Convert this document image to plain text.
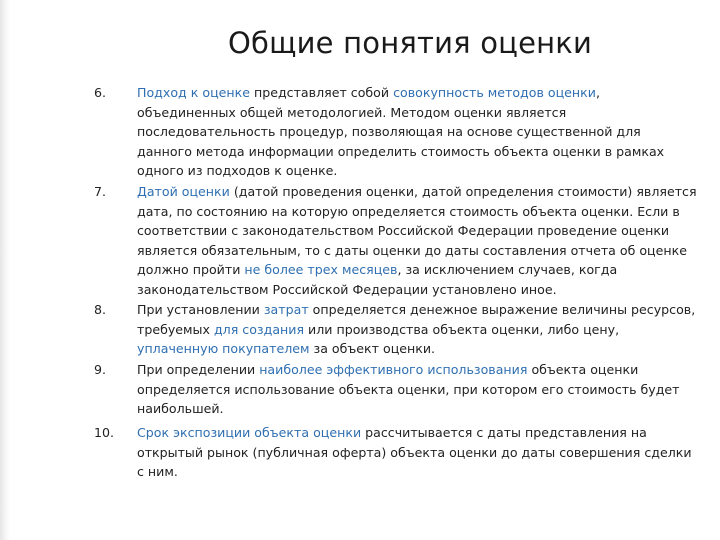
Общие понятия оценки
6.	Подход к оценке представляет собой совокупность методов оценки,
объединенных общей методологией. Методом оценки является
последовательность процедур, позволяющая на основе существенной для
данного метода информации определить стоимость объекта оценки в рамках
одного из подходов к оценке.
7.	Датой оценки (датой проведения оценки, датой определения стоимости) является
дата, по состоянию на которую определяется стоимость объекта оценки. Если в
соответствии с законодательством Российской Федерации проведение оценки
является обязательным, то с даты оценки до даты составления отчета об оценке
должно пройти не более трех месяцев, за исключением случаев, когда
законодательством Российской Федерации установлено иное.
8.	При установлении затрат определяется денежное выражение величины ресурсов,
требуемых для создания или производства объекта оценки, либо цену,
уплаченную покупателем за объект оценки.
9.	При определении наиболее эффективного использования объекта оценки
определяется использование объекта оценки, при котором его стоимость будет
наибольшей.
10.	Срок экспозиции объекта оценки рассчитывается с даты представления на
открытый рынок (публичная оферта) объекта оценки до даты совершения сделки
с ним.
